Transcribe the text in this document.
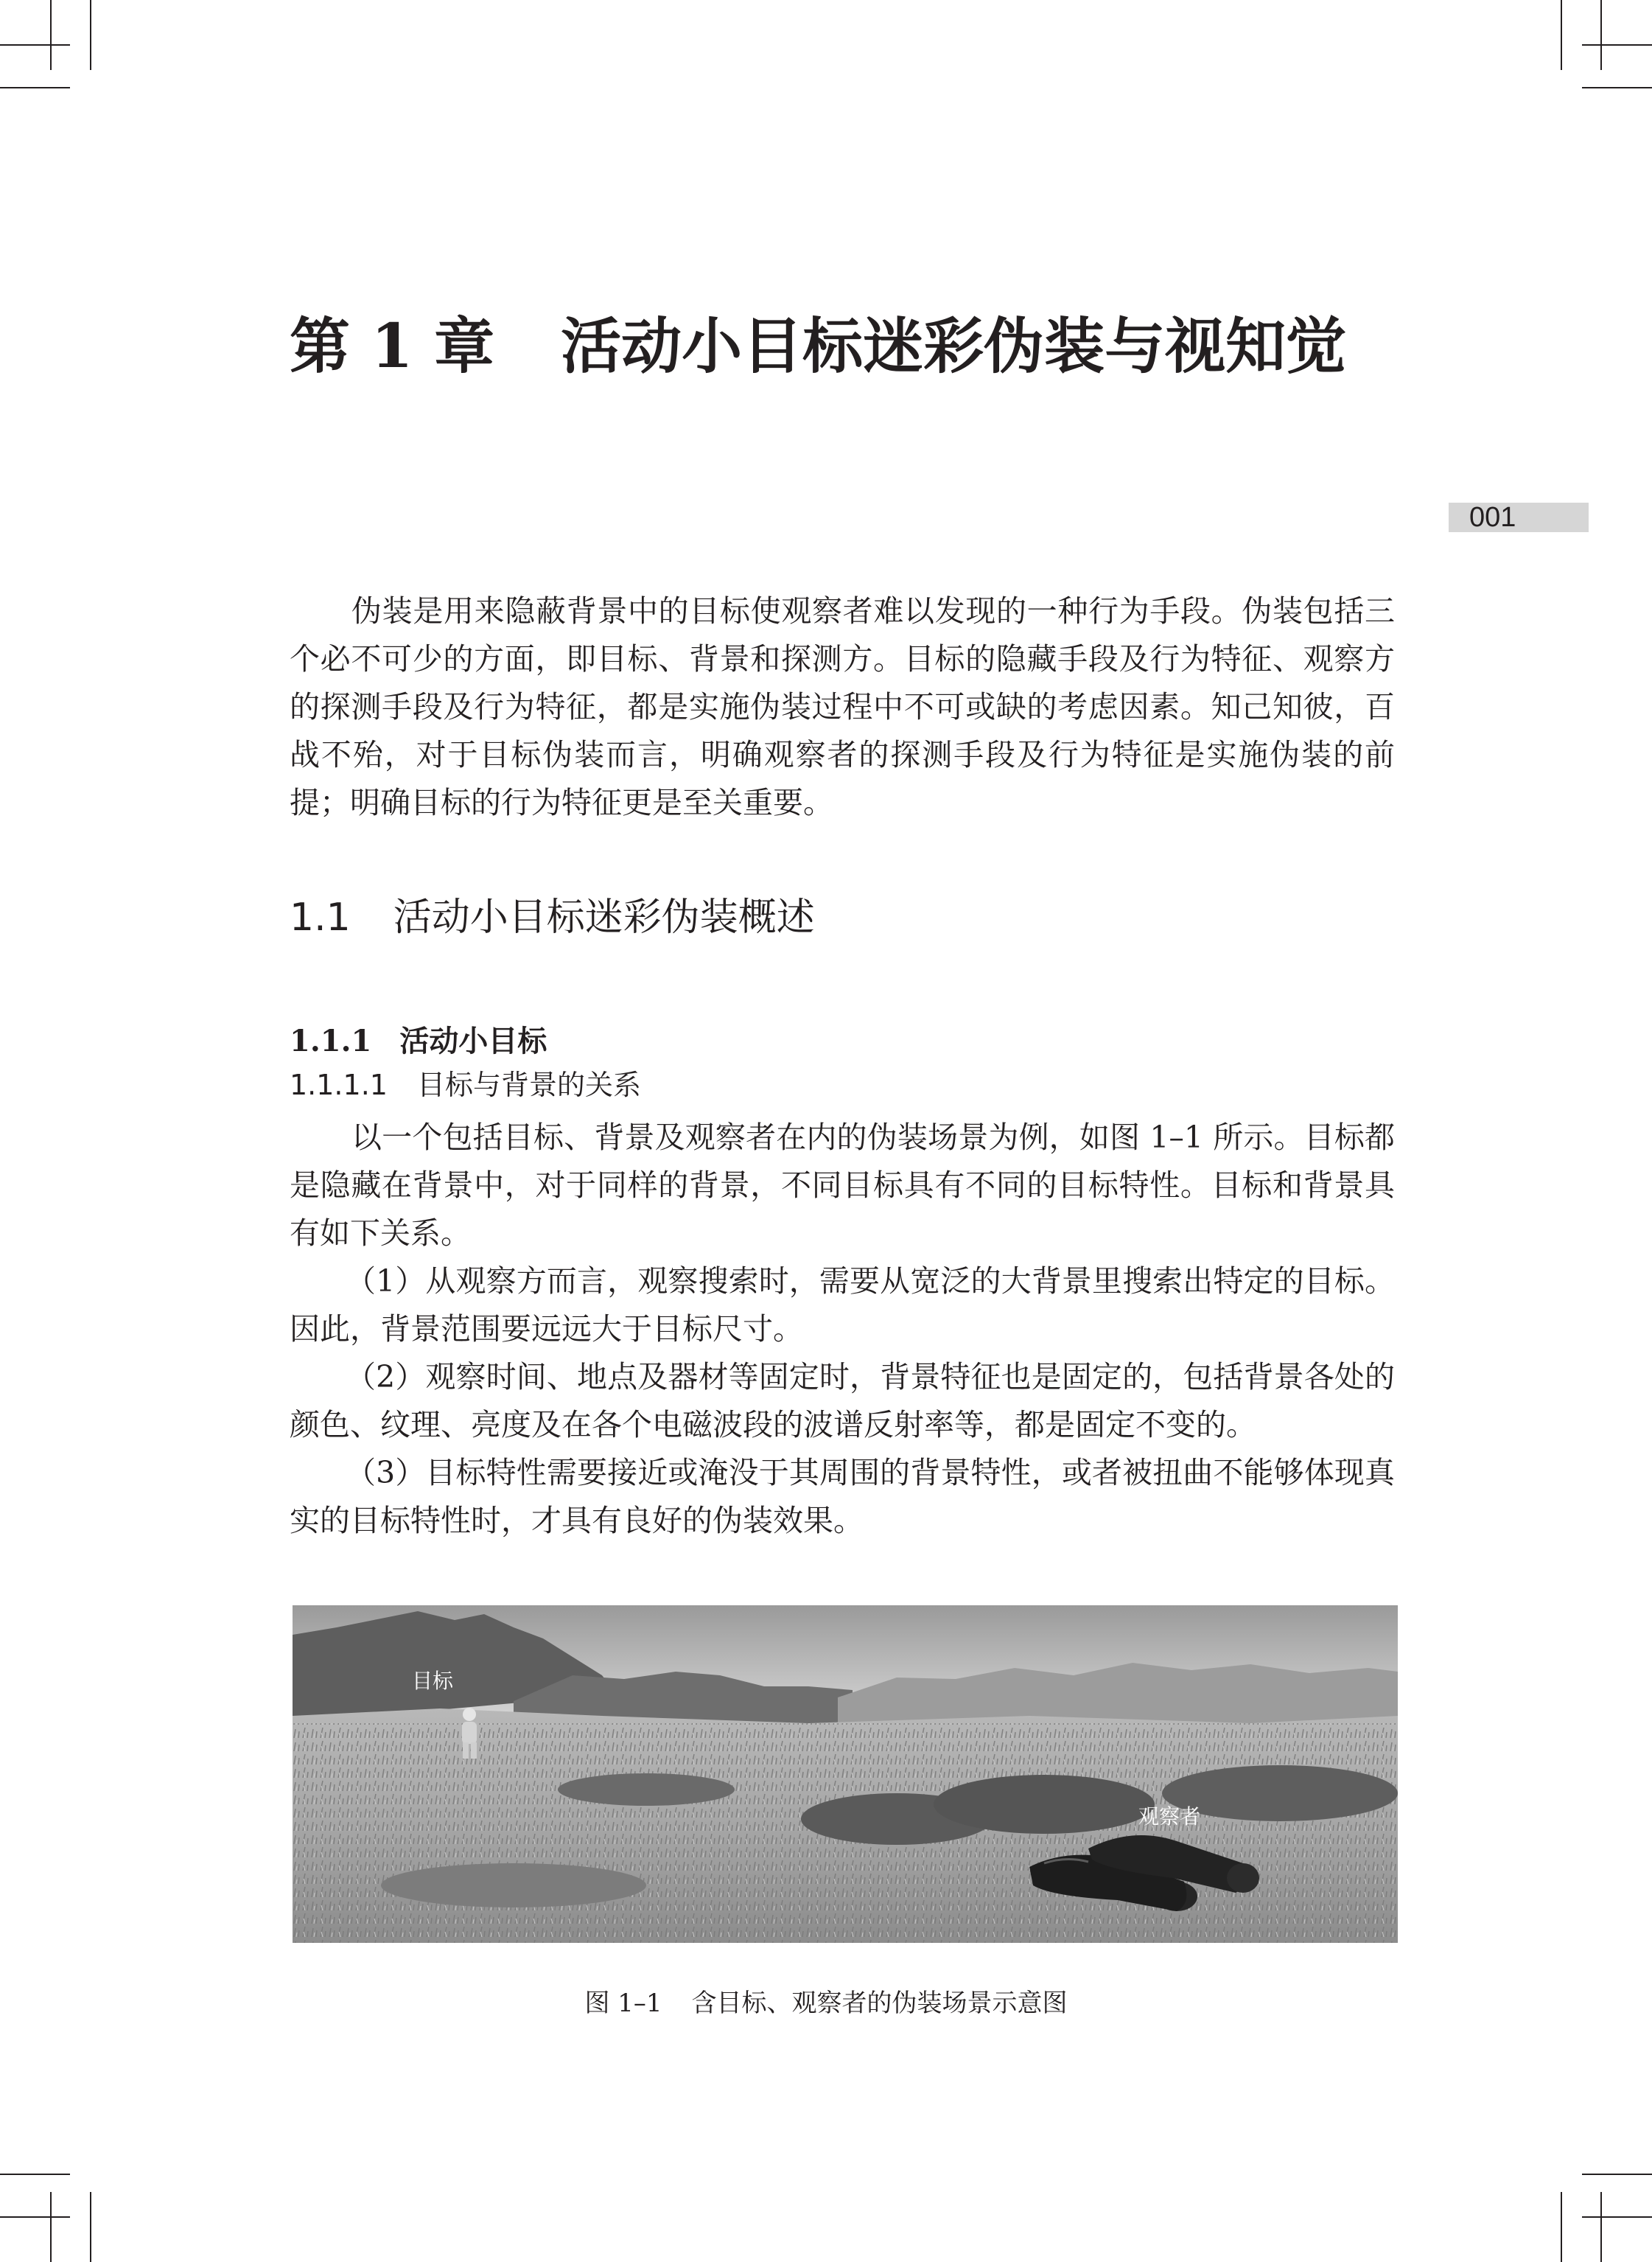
第 1 章 活动小目标迷彩伪装与视知觉
001

伪装是用来隐蔽背景中的目标使观察者难以发现的一种行为手段。伪装包括三个必不可少的方面，即目标、背景和探测方。目标的隐藏手段及行为特征、观察方的探测手段及行为特征，都是实施伪装过程中不可或缺的考虑因素。知己知彼，百战不殆，对于目标伪装而言，明确观察者的探测手段及行为特征是实施伪装的前提；明确目标的行为特征更是至关重要。

1.1 活动小目标迷彩伪装概述
1.1.1 活动小目标
1.1.1.1 目标与背景的关系

以一个包括目标、背景及观察者在内的伪装场景为例，如图 1–1 所示。目标都是隐藏在背景中，对于同样的背景，不同目标具有不同的目标特性。目标和背景具有如下关系。

（1）从观察方而言，观察搜索时，需要从宽泛的大背景里搜索出特定的目标。因此，背景范围要远远大于目标尺寸。

（2）观察时间、地点及器材等固定时，背景特征也是固定的，包括背景各处的颜色、纹理、亮度及在各个电磁波段的波谱反射率等，都是固定不变的。

（3）目标特性需要接近或淹没于其周围的背景特性，或者被扭曲不能够体现真实的目标特性时，才具有良好的伪装效果。

目标
观察者
图 1–1 含目标、观察者的伪装场景示意图
